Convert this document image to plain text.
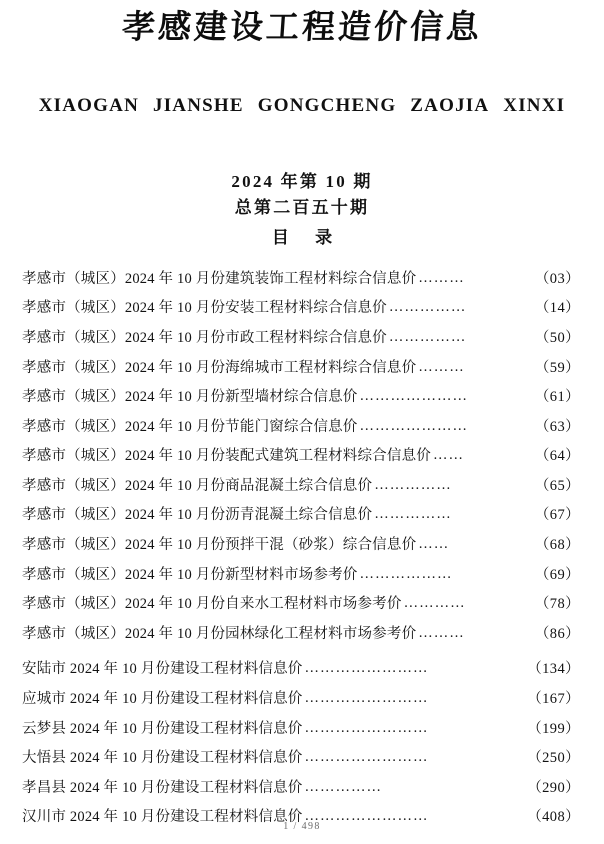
孝感建设工程造价信息
XIAOGAN JIANSHE GONGCHENG ZAOJIA XINXI
2024 年第 10 期
总第二百五十期
目 录
孝感市（城区）2024 年 10 月份建筑装饰工程材料综合信息价 ………	（03）
孝感市（城区）2024 年 10 月份安装工程材料综合信息价 ……………	（14）
孝感市（城区）2024 年 10 月份市政工程材料综合信息价 ……………	（50）
孝感市（城区）2024 年 10 月份海绵城市工程材料综合信息价 ………	（59）
孝感市（城区）2024 年 10 月份新型墙材综合信息价 …………………	（61）
孝感市（城区）2024 年 10 月份节能门窗综合信息价 …………………	（63）
孝感市（城区）2024 年 10 月份装配式建筑工程材料综合信息价 ……	（64）
孝感市（城区）2024 年 10 月份商品混凝土综合信息价 ……………	（65）
孝感市（城区）2024 年 10 月份沥青混凝土综合信息价 ……………	（67）
孝感市（城区）2024 年 10 月份预拌干混（砂浆）综合信息价 ……	（68）
孝感市（城区）2024 年 10 月份新型材料市场参考价 ………………	（69）
孝感市（城区）2024 年 10 月份自来水工程材料市场参考价 …………	（78）
孝感市（城区）2024 年 10 月份园林绿化工程材料市场参考价 ………	（86）
安陆市 2024 年 10 月份建设工程材料信息价 ……………………	（134）
应城市 2024 年 10 月份建设工程材料信息价 ……………………	（167）
云梦县 2024 年 10 月份建设工程材料信息价 ……………………	（199）
大悟县 2024 年 10 月份建设工程材料信息价 ……………………	（250）
孝昌县 2024 年 10 月份建设工程材料信息价 ……………	（290）
汉川市 2024 年 10 月份建设工程材料信息价 ……………………	（408）
1 / 498
